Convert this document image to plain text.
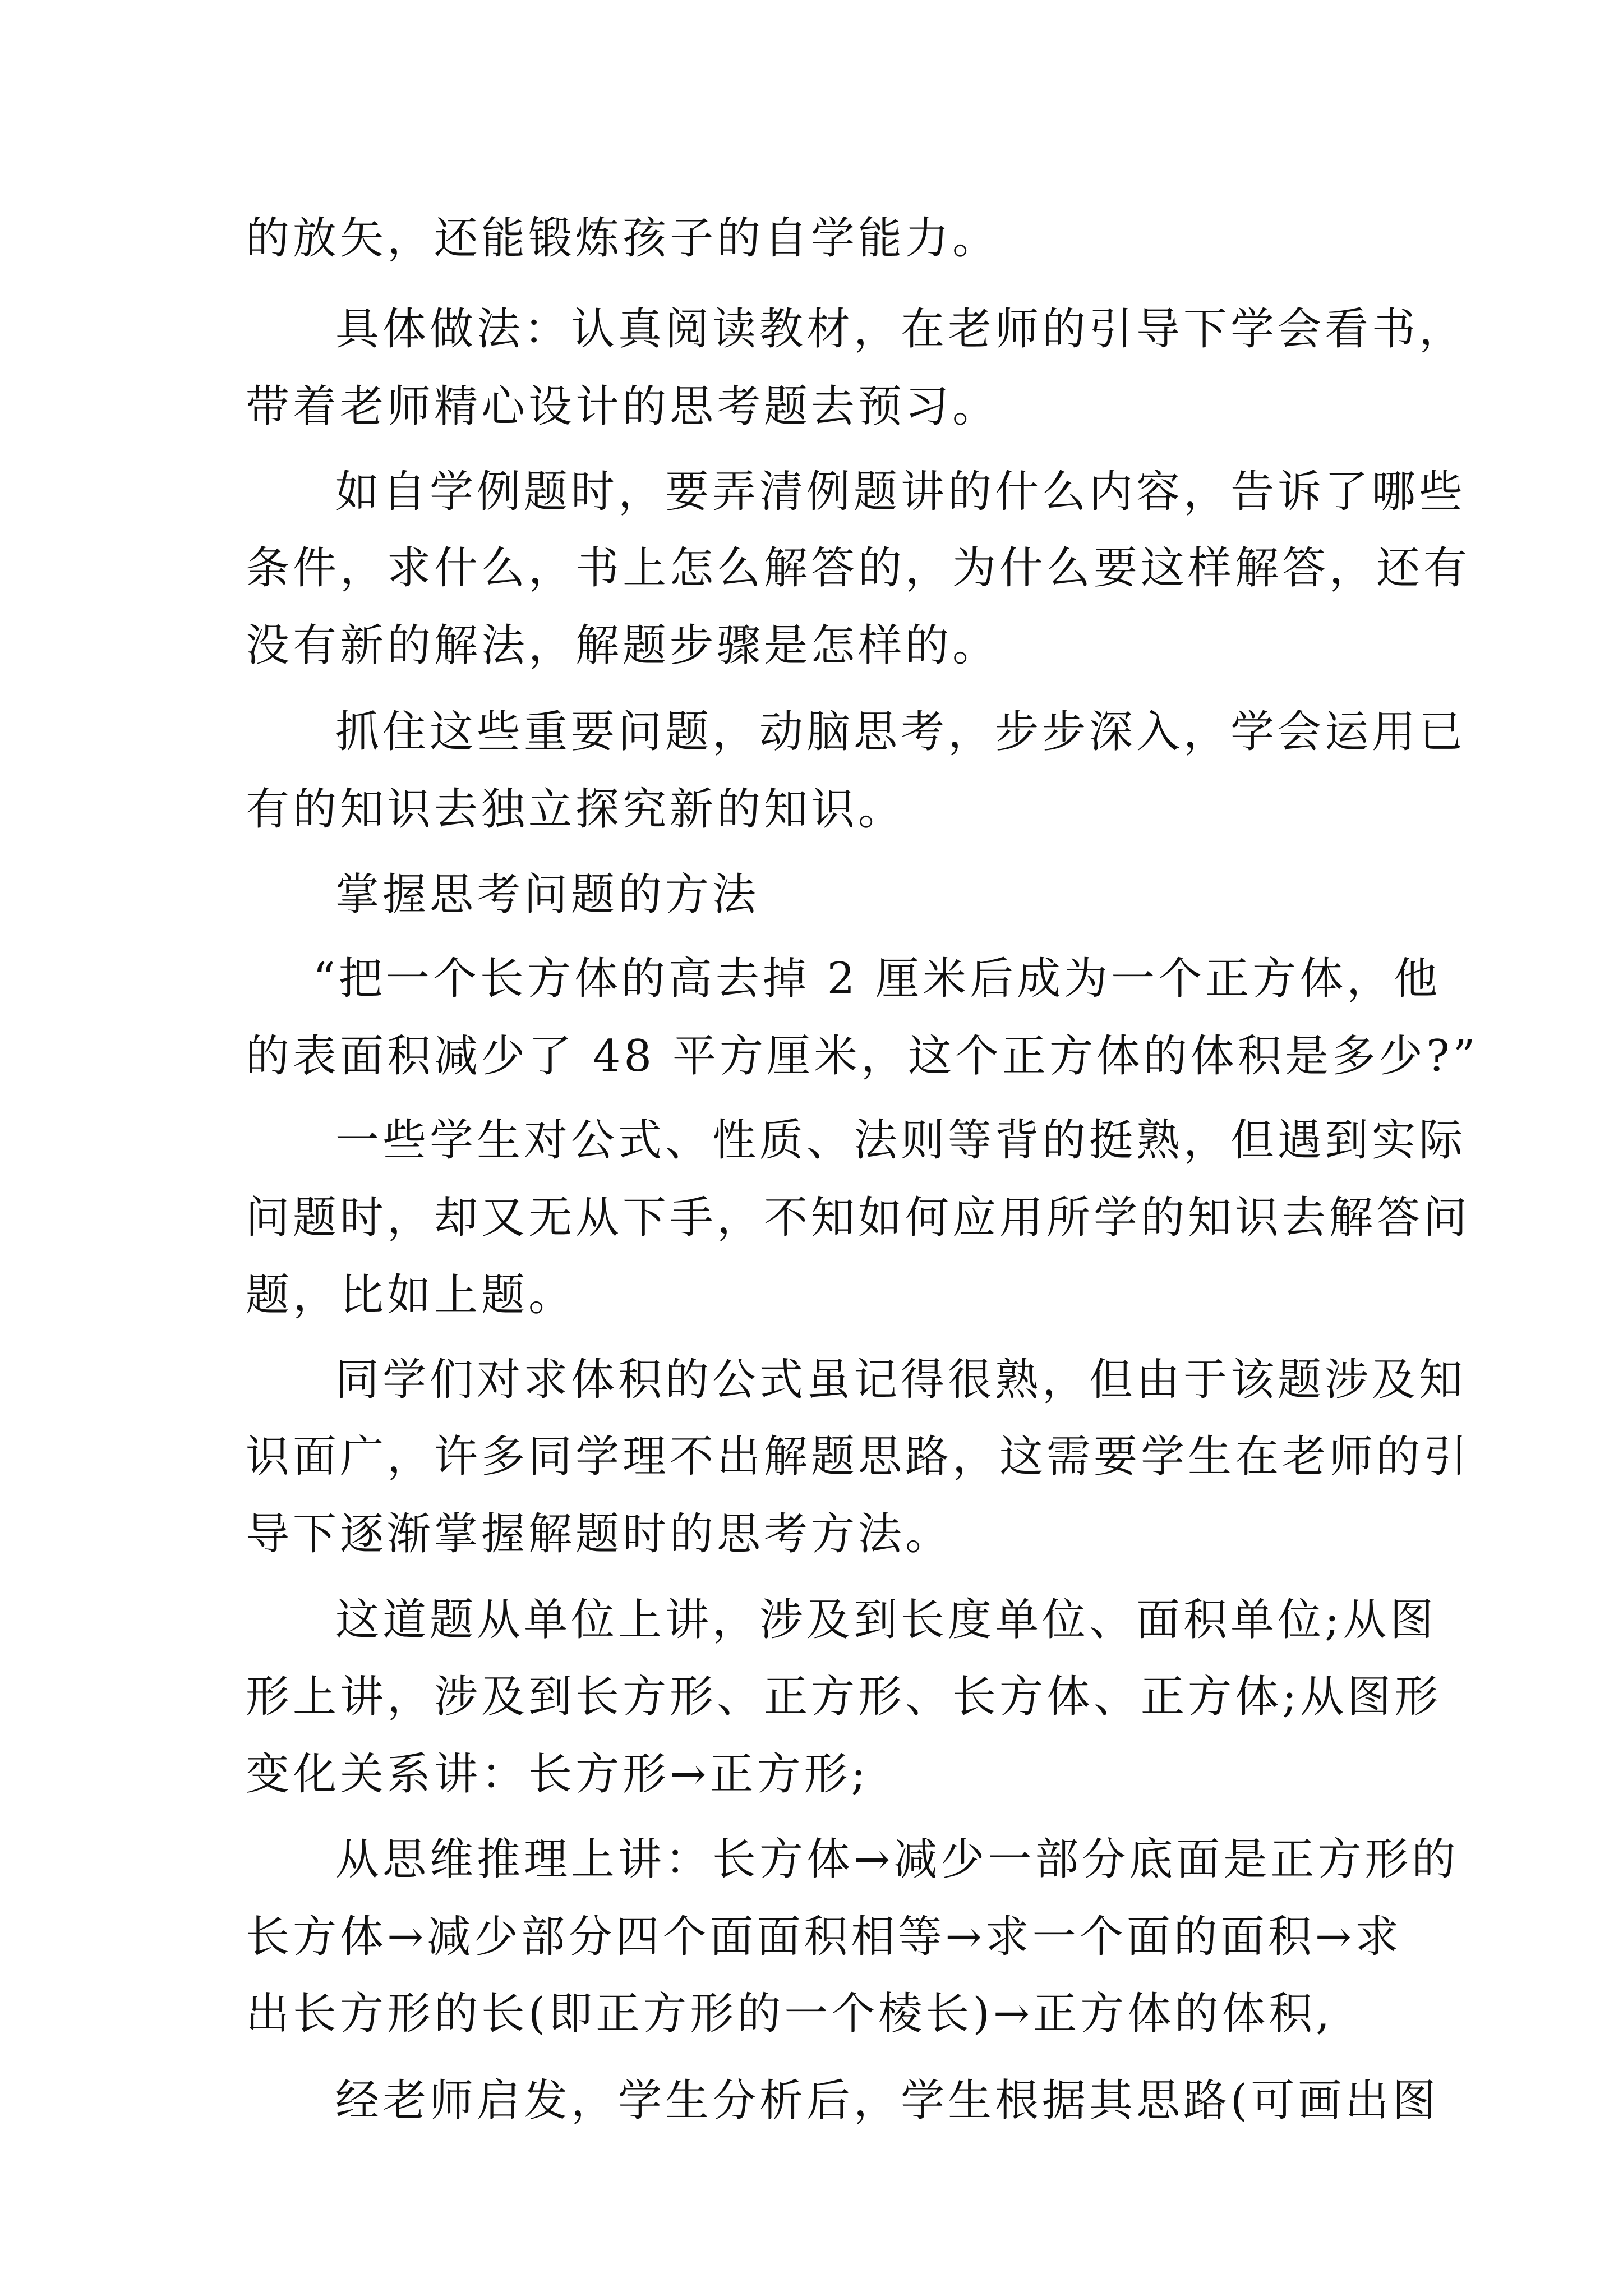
的放矢，还能锻炼孩子的自学能力。
具体做法：认真阅读教材，在老师的引导下学会看书，
带着老师精心设计的思考题去预习。
如自学例题时，要弄清例题讲的什么内容，告诉了哪些
条件，求什么，书上怎么解答的，为什么要这样解答，还有
没有新的解法，解题步骤是怎样的。
抓住这些重要问题，动脑思考，步步深入，学会运用已
有的知识去独立探究新的知识。
掌握思考问题的方法
“把一个长方体的高去掉 2 厘米后成为一个正方体，他
的表面积减少了 48 平方厘米，这个正方体的体积是多少?”
一些学生对公式、性质、法则等背的挺熟，但遇到实际
问题时，却又无从下手，不知如何应用所学的知识去解答问
题，比如上题。
同学们对求体积的公式虽记得很熟，但由于该题涉及知
识面广，许多同学理不出解题思路，这需要学生在老师的引
导下逐渐掌握解题时的思考方法。
这道题从单位上讲，涉及到长度单位、面积单位;从图
形上讲，涉及到长方形、正方形、长方体、正方体;从图形
变化关系讲：长方形→正方形;
从思维推理上讲：长方体→减少一部分底面是正方形的
长方体→减少部分四个面面积相等→求一个面的面积→求
出长方形的长(即正方形的一个棱长)→正方体的体积,
经老师启发，学生分析后，学生根据其思路(可画出图
